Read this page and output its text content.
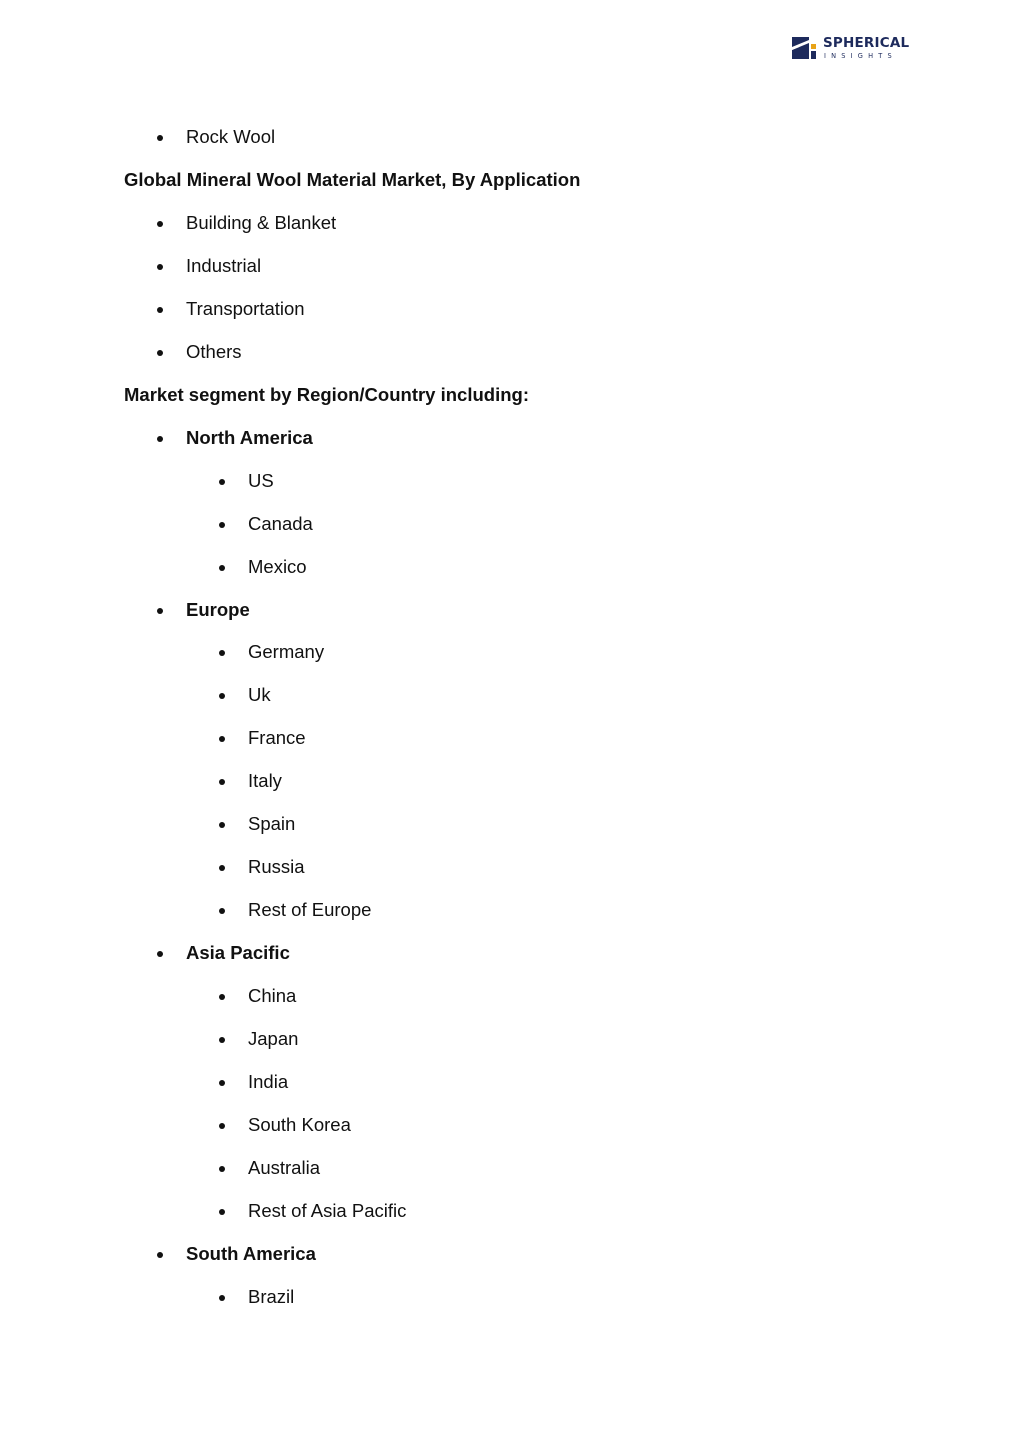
SPHERICAL
INSIGHTS
Rock Wool
Global Mineral Wool Material Market, By Application
Building & Blanket
Industrial
Transportation
Others
Market segment by Region/Country including:
North America
US
Canada
Mexico
Europe
Germany
Uk
France
Italy
Spain
Russia
Rest of Europe
Asia Pacific
China
Japan
India
South Korea
Australia
Rest of Asia Pacific
South America
Brazil
